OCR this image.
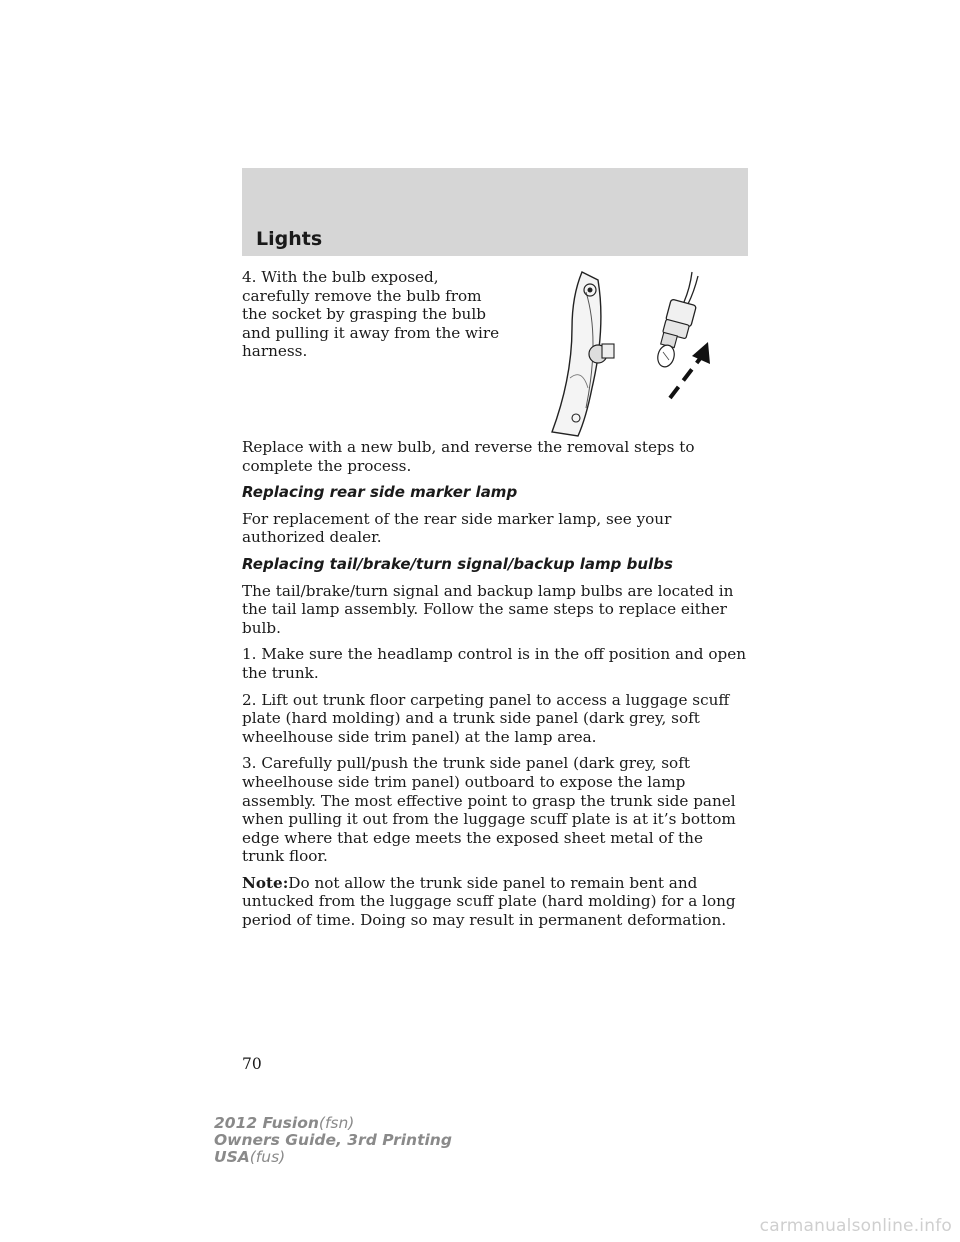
Lights

4. With the bulb exposed, carefully remove the bulb from the socket by grasping the bulb and pulling it away from the wire harness.

Replace with a new bulb, and reverse the removal steps to complete the process.

Replacing rear side marker lamp

For replacement of the rear side marker lamp, see your authorized dealer.

Replacing tail/brake/turn signal/backup lamp bulbs

The tail/brake/turn signal and backup lamp bulbs are located in the tail lamp assembly. Follow the same steps to replace either bulb.

1. Make sure the headlamp control is in the off position and open the trunk.

2. Lift out trunk floor carpeting panel to access a luggage scuff plate (hard molding) and a trunk side panel (dark grey, soft wheelhouse side trim panel) at the lamp area.

3. Carefully pull/push the trunk side panel (dark grey, soft wheelhouse side trim panel) outboard to expose the lamp assembly. The most effective point to grasp the trunk side panel when pulling it out from the luggage scuff plate is at it’s bottom edge where that edge meets the exposed sheet metal of the trunk floor.

Note:Do not allow the trunk side panel to remain bent and untucked from the luggage scuff plate (hard molding) for a long period of time. Doing so may result in permanent deformation.

70
2012 Fusion(fsn)
Owners Guide, 3rd Printing
USA(fus)
carmanualsonline.info
